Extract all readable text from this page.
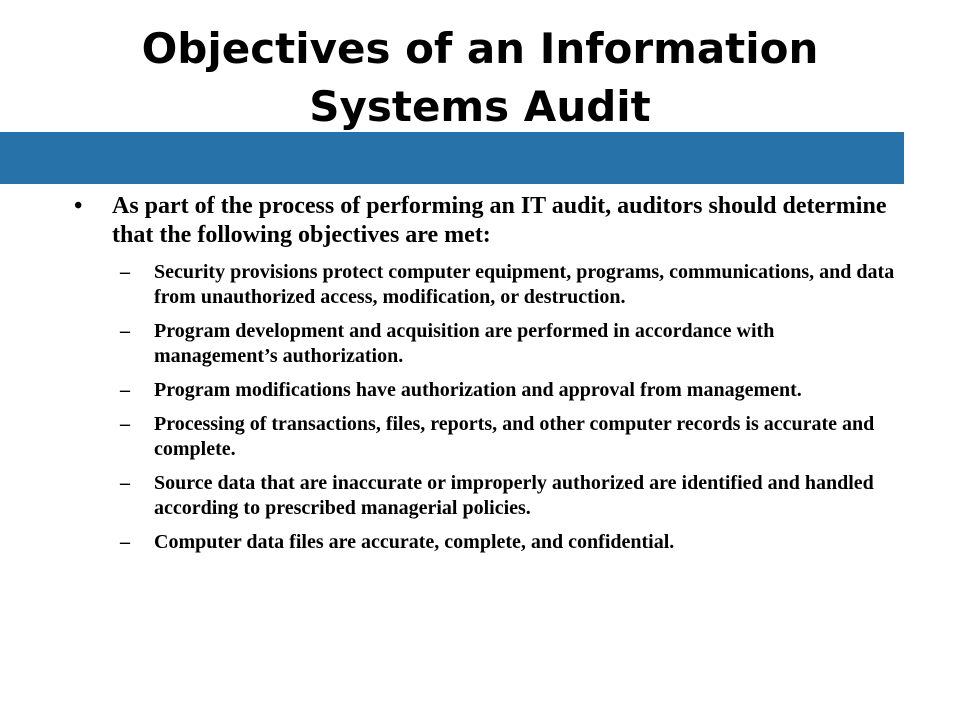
Objectives of an Information
Systems Audit

• As part of the process of performing an IT audit, auditors should determine that the following objectives are met:

– Security provisions protect computer equipment, programs, communications, and data from unauthorized access, modification, or destruction.
– Program development and acquisition are performed in accordance with management’s authorization.
– Program modifications have authorization and approval from management.
– Processing of transactions, files, reports, and other computer records is accurate and complete.
– Source data that are inaccurate or improperly authorized are identified and handled according to prescribed managerial policies.
– Computer data files are accurate, complete, and confidential.
